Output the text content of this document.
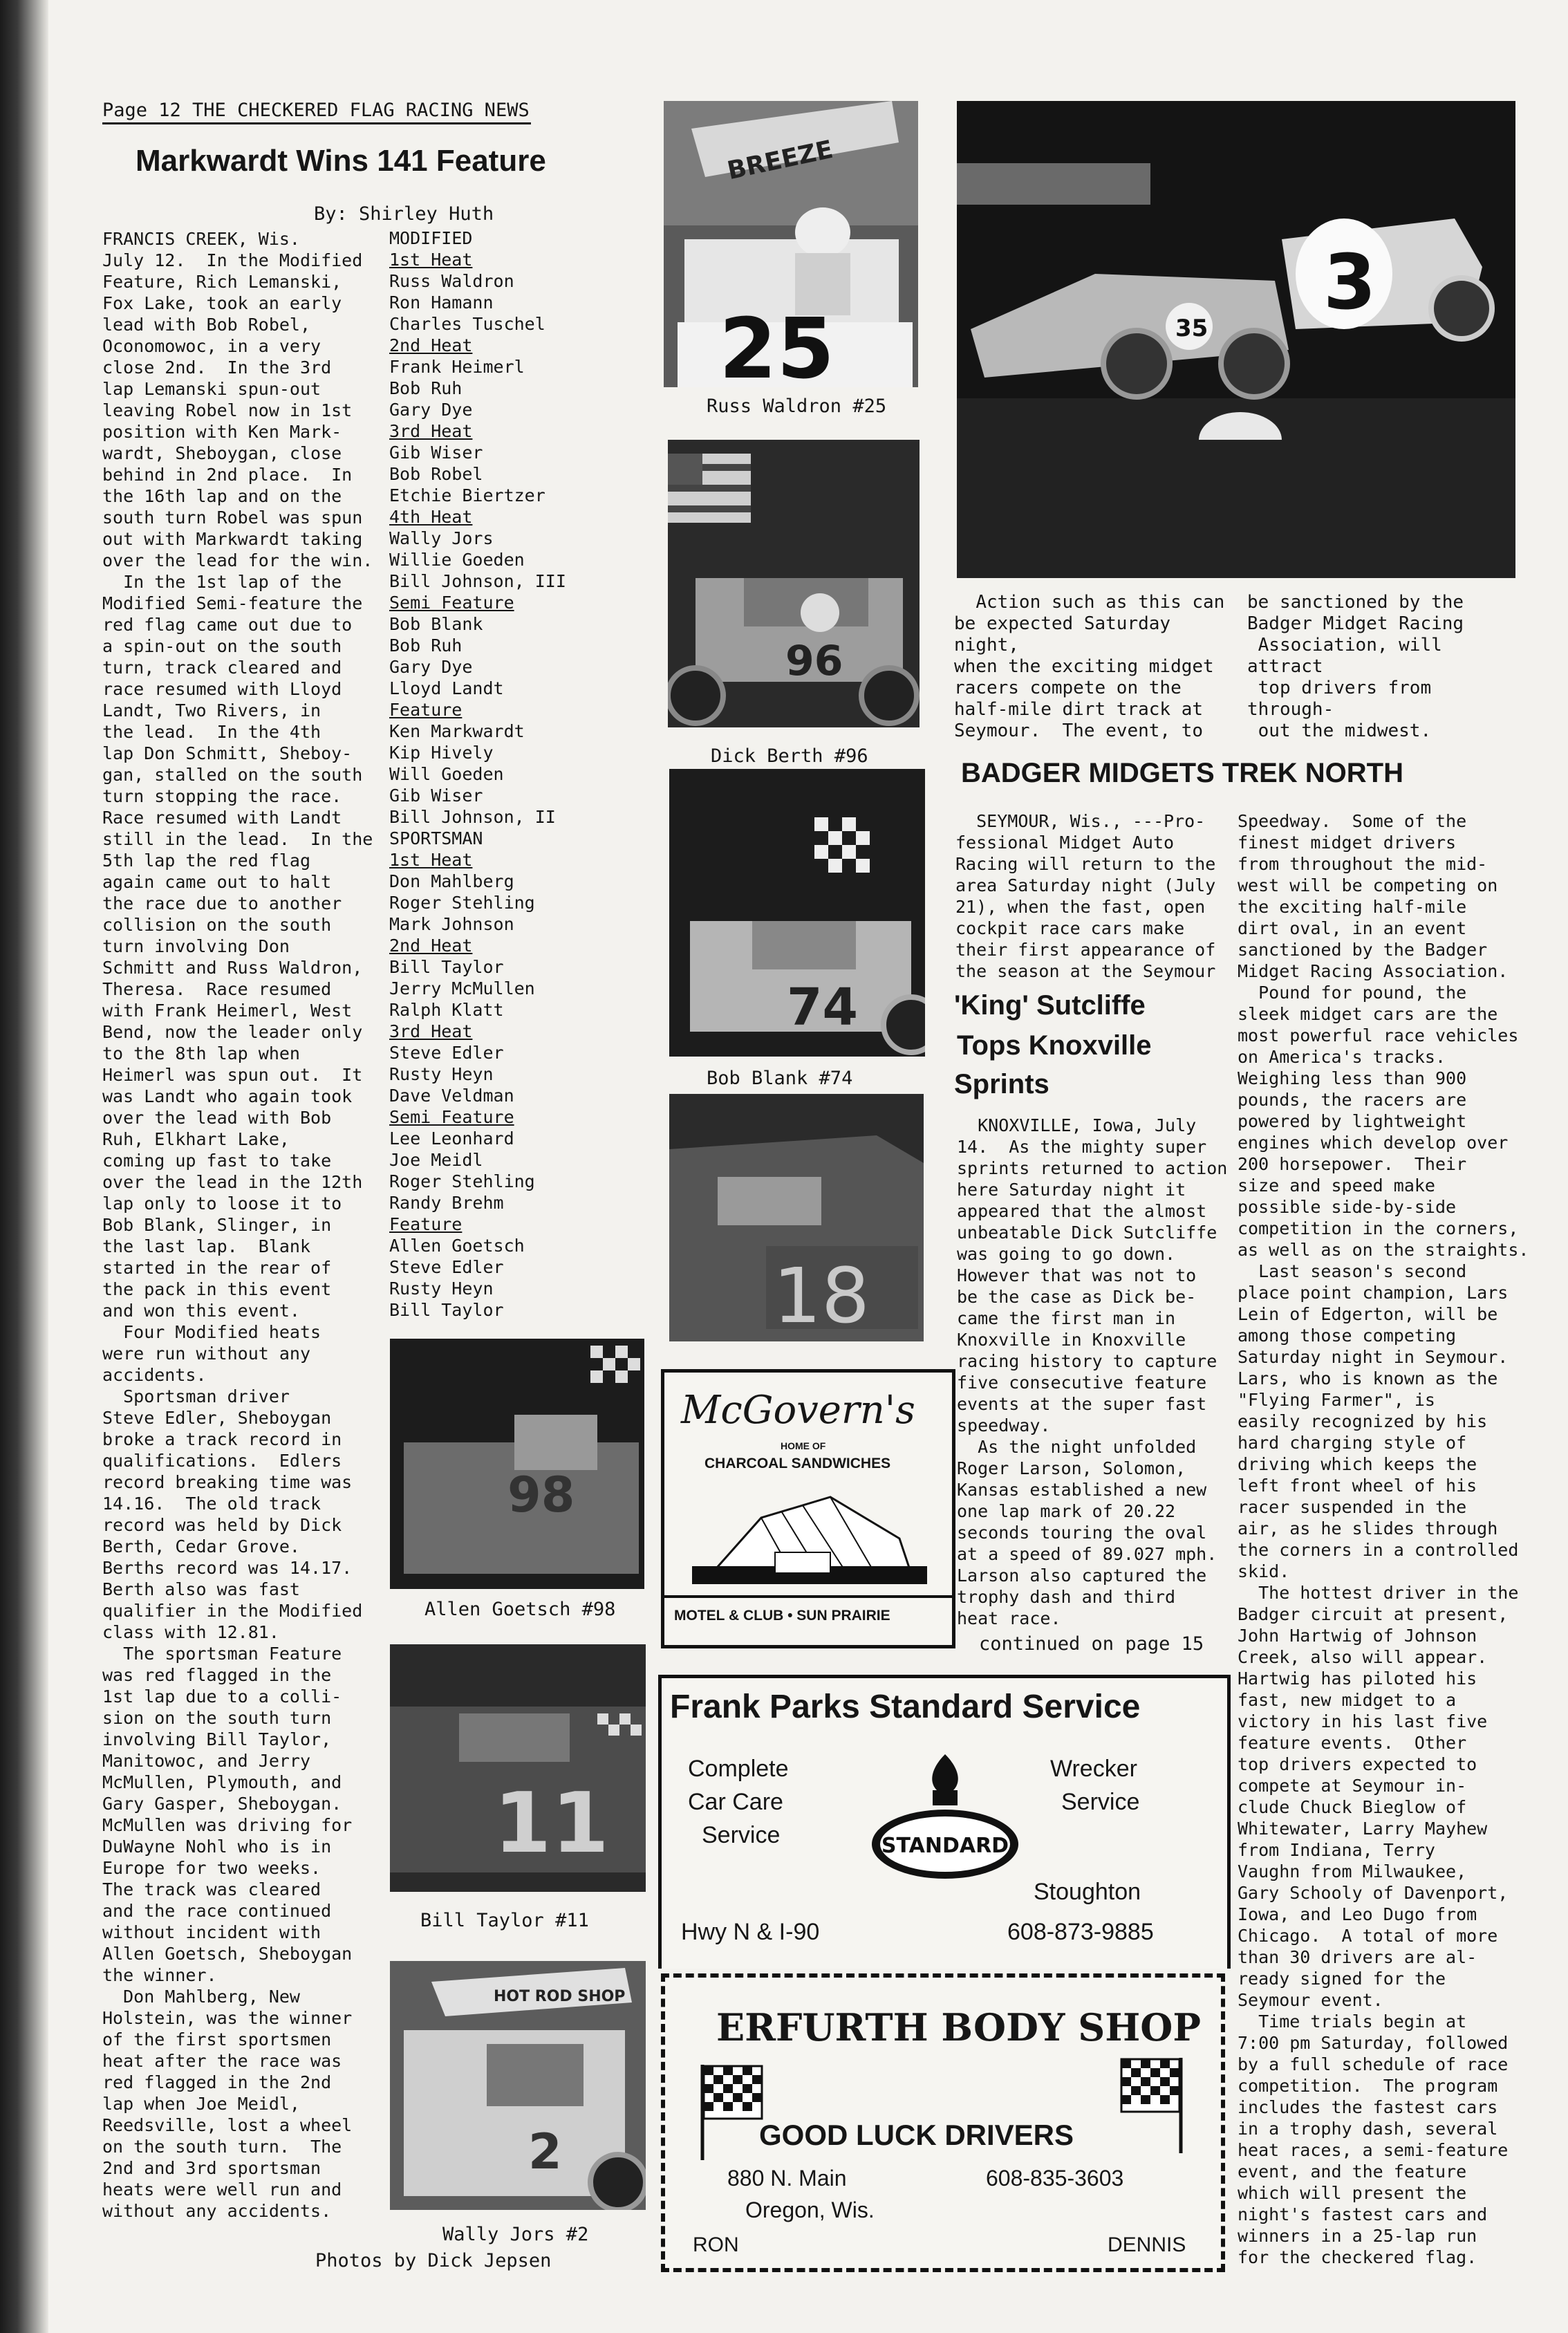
Page 12 THE CHECKERED FLAG RACING NEWS
Markwardt Wins 141 Feature
By: Shirley Huth
FRANCIS CREEK, Wis.
July 12.  In the Modified
Feature, Rich Lemanski,
Fox Lake, took an early
lead with Bob Robel,
Oconomowoc, in a very
close 2nd.  In the 3rd
lap Lemanski spun-out
leaving Robel now in 1st
position with Ken Mark-
wardt, Sheboygan, close
behind in 2nd place.  In
the 16th lap and on the
south turn Robel was spun
out with Markwardt taking
over the lead for the win.
In the 1st lap of the
Modified Semi-feature the
red flag came out due to
a spin-out on the south
turn, track cleared and
race resumed with Lloyd
Landt, Two Rivers, in
the lead.  In the 4th
lap Don Schmitt, Sheboy-
gan, stalled on the south
turn stopping the race.
Race resumed with Landt
still in the lead.  In the
5th lap the red flag
again came out to halt
the race due to another
collision on the south
turn involving Don
Schmitt and Russ Waldron,
Theresa.  Race resumed
with Frank Heimerl, West
Bend, now the leader only
to the 8th lap when
Heimerl was spun out.  It
was Landt who again took
over the lead with Bob
Ruh, Elkhart Lake,
coming up fast to take
over the lead in the 12th
lap only to loose it to
Bob Blank, Slinger, in
the last lap.  Blank
started in the rear of
the pack in this event
and won this event.
Four Modified heats
were run without any
accidents.
Sportsman driver
Steve Edler, Sheboygan
broke a track record in
qualifications.  Edlers
record breaking time was
14.16.  The old track
record was held by Dick
Berth, Cedar Grove.
Berths record was 14.17.
Berth also was fast
qualifier in the Modified
class with 12.81.
The sportsman Feature
was red flagged in the
1st lap due to a colli-
sion on the south turn
involving Bill Taylor,
Manitowoc, and Jerry
McMullen, Plymouth, and
Gary Gasper, Sheboygan.
McMullen was driving for
DuWayne Nohl who is in
Europe for two weeks.
The track was cleared
and the race continued
without incident with
Allen Goetsch, Sheboygan
the winner.
Don Mahlberg, New
Holstein, was the winner
of the first sportsmen
heat after the race was
red flagged in the 2nd
lap when Joe Meidl,
Reedsville, lost a wheel
on the south turn.  The
2nd and 3rd sportsman
heats were well run and
without any accidents.
MODIFIED
1st Heat
Russ Waldron
Ron Hamann
Charles Tuschel
2nd Heat
Frank Heimerl
Bob Ruh
Gary Dye
3rd Heat
Gib Wiser
Bob Robel
Etchie Biertzer
4th Heat
Wally Jors
Willie Goeden
Bill Johnson, III
Semi Feature
Bob Blank
Bob Ruh
Gary Dye
Lloyd Landt
Feature
Ken Markwardt
Kip Hively
Will Goeden
Gib Wiser
Bill Johnson, II
SPORTSMAN
1st Heat
Don Mahlberg
Roger Stehling
Mark Johnson
2nd Heat
Bill Taylor
Jerry McMullen
Ralph Klatt
3rd Heat
Steve Edler
Rusty Heyn
Dave Veldman
Semi Feature
Lee Leonhard
Joe Meidl
Roger Stehling
Randy Brehm
Feature
Allen Goetsch
Steve Edler
Rusty Heyn
Bill Taylor
BREEZE
25
Russ Waldron #25
35
3
Action such as this can
be expected Saturday night,
when the exciting midget
racers compete on the
half-mile dirt track at
Seymour.  The event, to
be sanctioned by the
Badger Midget Racing
Association, will attract
top drivers from through-
out the midwest.
96
Dick Berth #96
74
Bob Blank #74
18
98
Allen Goetsch #98
11
Bill Taylor #11
HOT ROD SHOP
2
Wally Jors #2
Photos by Dick Jepsen
BADGER MIDGETS TREK NORTH
SEYMOUR, Wis., ---Pro-
fessional Midget Auto
Racing will return to the
area Saturday night (July
21), when the fast, open
cockpit race cars make
their first appearance of
the season at the Seymour
Speedway.  Some of the
finest midget drivers
from throughout the mid-
west will be competing on
the exciting half-mile
dirt oval, in an event
sanctioned by the Badger
Midget Racing Association.
Pound for pound, the
sleek midget cars are the
most powerful race vehicles
on America's tracks.
Weighing less than 900
pounds, the racers are
powered by lightweight
engines which develop over
200 horsepower.  Their
size and speed make
possible side-by-side
competition in the corners,
as well as on the straights.
Last season's second
place point champion, Lars
Lein of Edgerton, will be
among those competing
Saturday night in Seymour.
Lars, who is known as the
"Flying Farmer", is
easily recognized by his
hard charging style of
driving which keeps the
left front wheel of his
racer suspended in the
air, as he slides through
the corners in a controlled
skid.
The hottest driver in the
Badger circuit at present,
John Hartwig of Johnson
Creek, also will appear.
Hartwig has piloted his
fast, new midget to a
victory in his last five
feature events.  Other
top drivers expected to
compete at Seymour in-
clude Chuck Bieglow of
Whitewater, Larry Mayhew
from Indiana, Terry
Vaughn from Milwaukee,
Gary Schooly of Davenport,
Iowa, and Leo Dugo from
Chicago.  A total of more
than 30 drivers are al-
ready signed for the
Seymour event.
Time trials begin at
7:00 pm Saturday, followed
by a full schedule of race
competition.  The program
includes the fastest cars
in a trophy dash, several
heat races, a semi-feature
event, and the feature
which will present the
night's fastest cars and
winners in a 25-lap run
for the checkered flag.
'King' Sutcliffe
Tops Knoxville
Sprints
KNOXVILLE, Iowa, July
14.  As the mighty super
sprints returned to action
here Saturday night it
appeared that the almost
unbeatable Dick Sutcliffe
was going to go down.
However that was not to
be the case as Dick be-
came the first man in
Knoxville in Knoxville
racing history to capture
five consecutive feature
events at the super fast
speedway.
As the night unfolded
Roger Larson, Solomon,
Kansas established a new
one lap mark of 20.22
seconds touring the oval
at a speed of 89.027 mph.
Larson also captured the
trophy dash and third
heat race.
continued on page 15
McGovern's
HOME OF
CHARCOAL SANDWICHES
MOTEL & CLUB • SUN PRAIRIE
Frank Parks Standard Service
Complete
Car Care
Service
Wrecker
Service
STANDARD
Stoughton
Hwy N & I-90	608-873-9885
ERFURTH BODY SHOP
GOOD LUCK DRIVERS
880 N. Main
Oregon, Wis.
608-835-3603
RON	DENNIS
